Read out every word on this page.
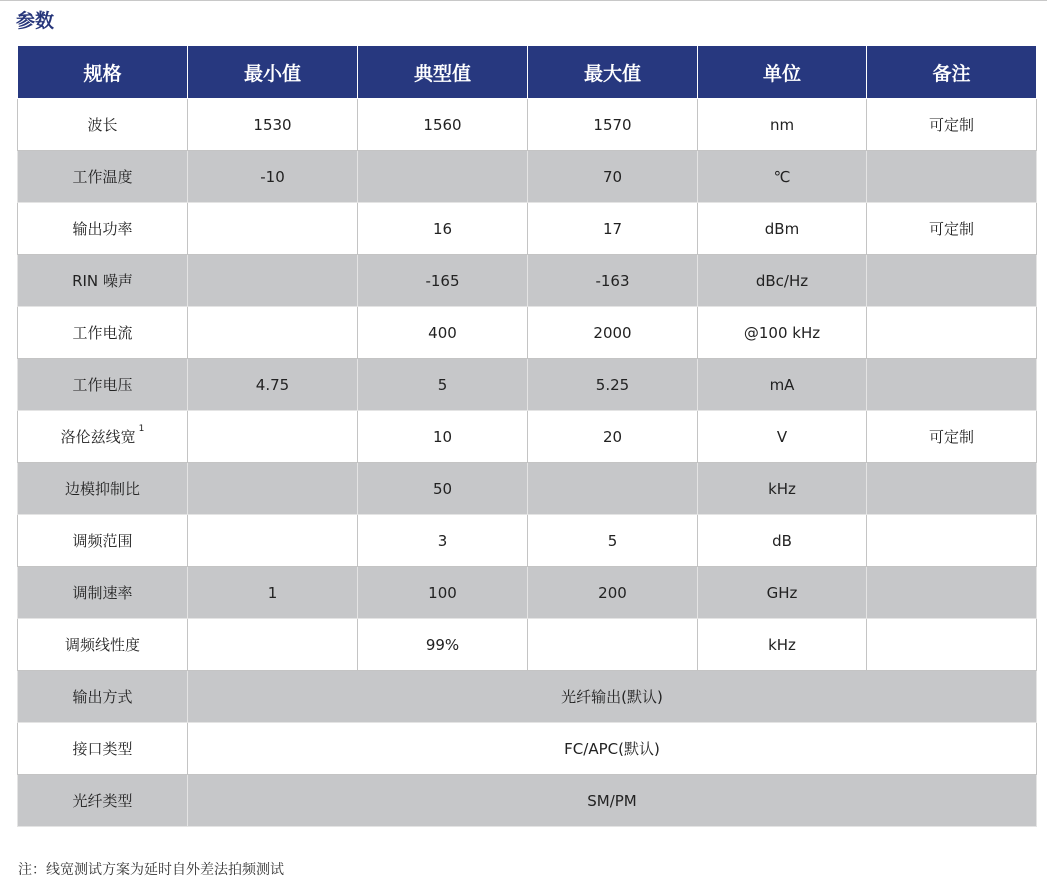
参数
规格	最小值	典型值	最大值	单位	备注
波长	1530	1560	1570	nm	可定制
工作温度	-10		70	℃	
输出功率		16	17	dBm	可定制
RIN 噪声		-165	-163	dBc/Hz	
工作电流		400	2000	@100 kHz	
工作电压	4.75	5	5.25	mA	
洛伦兹线宽 $^1$		10	20	V	可定制
边模抑制比		50		kHz	
调频范围		3	5	dB	
调制速率	1	100	200	GHz	
调频线性度		99%		kHz	
输出方式	光纤输出(默认)				
接口类型	FC/APC(默认)				
光纤类型	SM/PM				
注：线宽测试方案为延时自外差法拍频测试
